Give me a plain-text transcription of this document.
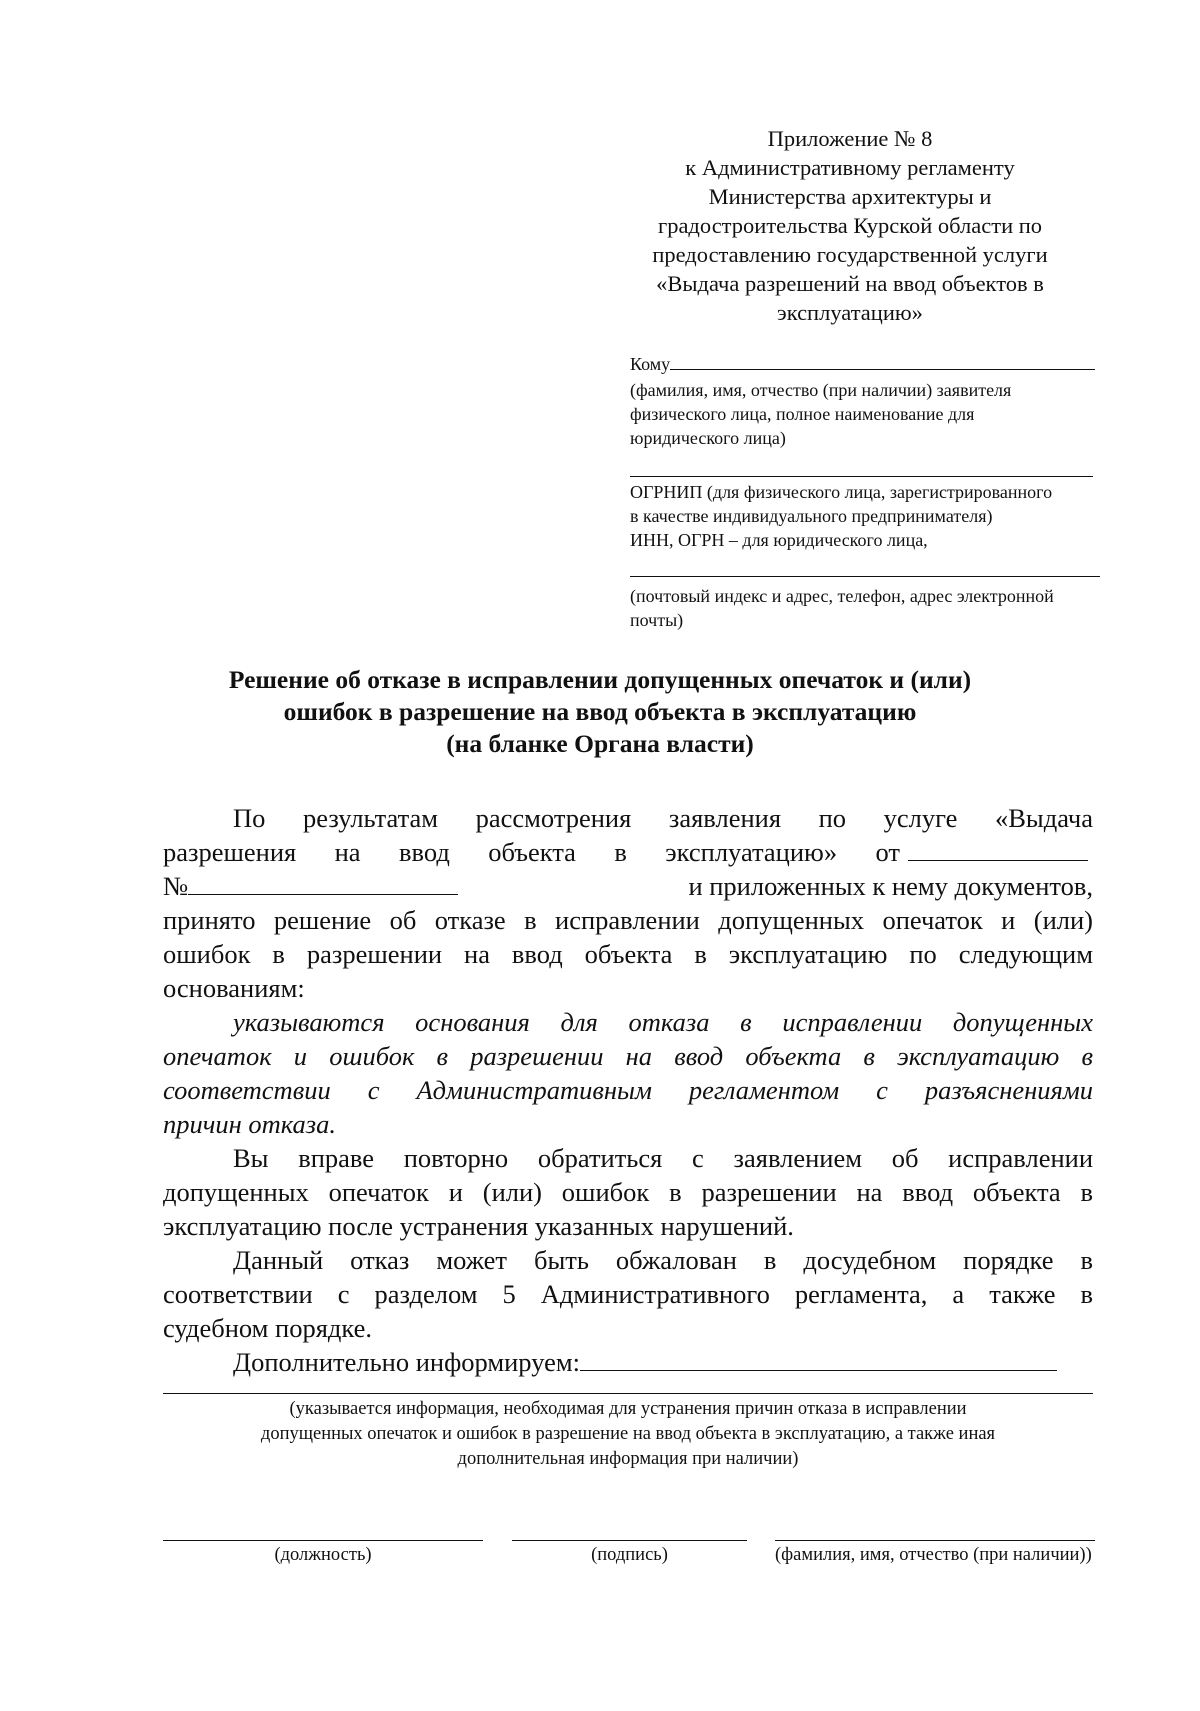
Приложение № 8
к Административному регламенту
Министерства архитектуры и
градостроительства Курской области по
предоставлению государственной услуги
«Выдача разрешений на ввод объектов в
эксплуатацию»
Кому
(фамилия, имя, отчество (при наличии) заявителя
физического лица, полное наименование для
юридического лица)
ОГРНИП (для физического лица, зарегистрированного
в качестве индивидуального предпринимателя)
ИНН, ОГРН – для юридического лица,
(почтовый индекс и адрес, телефон, адрес электронной
почты)
Решение об отказе в исправлении допущенных опечаток и (или)
ошибок в разрешение на ввод объекта в эксплуатацию
(на бланке Органа власти)
По результатам рассмотрения заявления по услуге «Выдача
разрешения на ввод объекта в эксплуатацию» от
№	и приложенных к нему документов,
принято решение об отказе в исправлении допущенных опечаток и (или)
ошибок в разрешении на ввод объекта в эксплуатацию по следующим
основаниям:
указываются основания для отказа в исправлении допущенных
опечаток и ошибок в разрешении на ввод объекта в эксплуатацию в
соответствии с Административным регламентом с разъяснениями
причин отказа.
Вы вправе повторно обратиться с заявлением об исправлении
допущенных опечаток и (или) ошибок в разрешении на ввод объекта в
эксплуатацию после устранения указанных нарушений.
Данный отказ может быть обжалован в досудебном порядке в
соответствии с разделом 5 Административного регламента, а также в
судебном порядке.
Дополнительно информируем:
(указывается информация, необходимая для устранения причин отказа в исправлении
допущенных опечаток и ошибок в разрешение на ввод объекта в эксплуатацию, а также иная
дополнительная информация при наличии)
(должность)	(подпись)	(фамилия, имя, отчество (при наличии))
